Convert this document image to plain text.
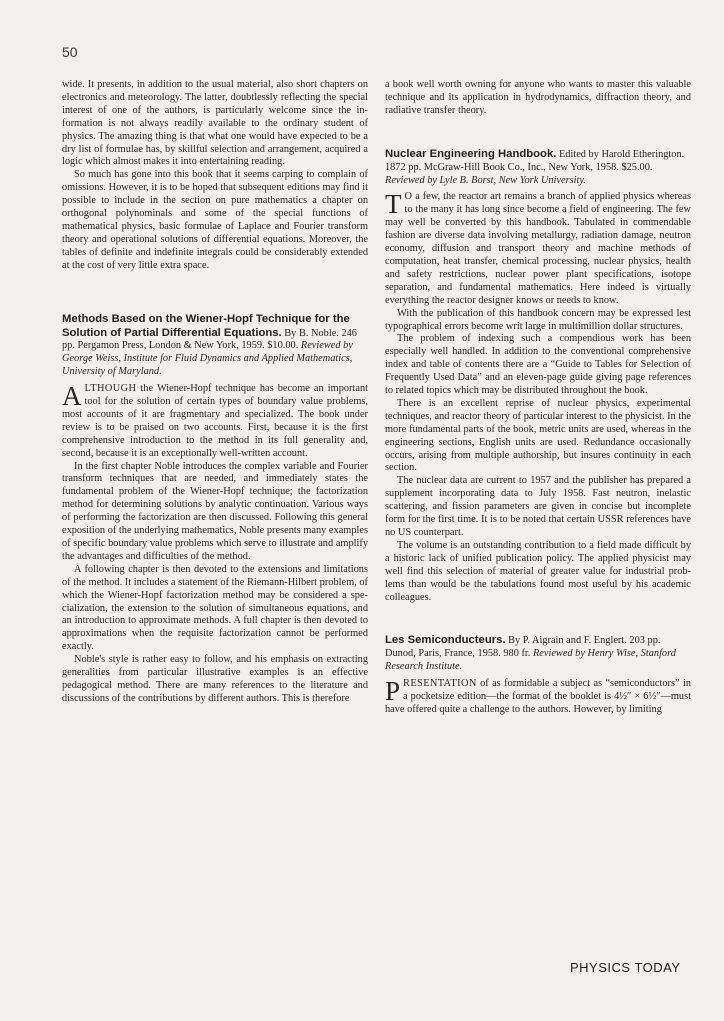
50

wide. It presents, in addition to the usual material, also short chapters on electronics and meteorology. The latter, doubtlessly reflecting the special interest of one of the authors, is particularly welcome since the information is not always readily available to the ordinary student of physics. The amazing thing is that what one would have expected to be a dry list of formulae has, by skillful selection and arrangement, acquired a logic which almost makes it into entertaining reading.

So much has gone into this book that it seems carping to complain of omissions. However, it is to be hoped that subsequent editions may find it possible to include in the section on pure mathematics a chapter on orthogonal polynominals and some of the special functions of mathematical physics, basic formulae of Laplace and Fourier transform theory and operational solutions of differential equations. Moreover, the tables of definite and indefinite integrals could be considerably extended at the cost of very little extra space.

Methods Based on the Wiener-Hopf Technique for the Solution of Partial Differential Equations. By B. Noble. 246 pp. Pergamon Press, London & New York, 1959. $10.00. Reviewed by George Weiss, Institute for Fluid Dynamics and Applied Mathematics, University of Maryland.

ALTHOUGH the Wiener-Hopf technique has become an important tool for the solution of certain types of boundary value problems, most accounts of it are fragmentary and specialized. The book under review is to be praised on two accounts. First, because it is the first comprehensive introduction to the method in its full generality and, second, because it is an exceptionally well-written account.

In the first chapter Noble introduces the complex variable and Fourier transform techniques that are needed, and immediately states the fundamental problem of the Wiener-Hopf technique; the factorization method for determining solutions by analytic continuation. Various ways of performing the factorization are then discussed. Following this general exposition of the underlying mathematics, Noble presents many examples of specific boundary value problems which serve to illustrate and amplify the advantages and difficulties of the method.

A following chapter is then devoted to the extensions and limitations of the method. It includes a statement of the Riemann-Hilbert problem, of which the Wiener-Hopf factorization method may be considered a specialization, the extension to the solution of simultaneous equations, and an introduction to approximate methods. A full chapter is then devoted to approximations when the requisite factorization cannot be performed exactly.

Noble's style is rather easy to follow, and his emphasis on extracting generalities from particular illustrative examples is an effective pedagogical method. There are many references to the literature and discussions of the contributions by different authors. This is therefore

a book well worth owning for anyone who wants to master this valuable technique and its application in hydrodynamics, diffraction theory, and radiative transfer theory.

Nuclear Engineering Handbook. Edited by Harold Etherington. 1872 pp. McGraw-Hill Book Co., Inc., New York, 1958. $25.00. Reviewed by Lyle B. Borst, New York University.

T O a few, the reactor art remains a branch of applied physics whereas to the many it has long since become a field of engineering. The few may well be converted by this handbook. Tabulated in commendable fashion are diverse data involving metallurgy, radiation damage, neutron economy, diffusion and transport theory and machine methods of computation, heat transfer, chemical processing, nuclear physics, health and safety restrictions, nuclear power plant specifications, isotope separation, and fundamental mathematics. Here indeed is virtually everything the reactor designer knows or needs to know.

With the publication of this handbook concern may be expressed lest typographical errors become writ large in multimillion dollar structures.

The problem of indexing such a compendious work has been especially well handled. In addition to the conventional comprehensive index and table of contents there are a “Guide to Tables for Selection of Frequently Used Data” and an eleven-page guide giving page references to related topics which may be distributed throughout the book.

There is an excellent reprise of nuclear physics, experimental techniques, and reactor theory of particular interest to the physicist. In the more fundamental parts of the book, metric units are used, whereas in the engineering sections, English units are used. Redundance occasionally occurs, arising from multiple authorship, but insures continuity in each section.

The nuclear data are current to 1957 and the publisher has prepared a supplement incorporating data to July 1958. Fast neutron, inelastic scattering, and fission parameters are given in concise but incomplete form for the first time. It is to be noted that certain USSR references have no US counterpart.

The volume is an outstanding contribution to a field made difficult by a historic lack of unified publication policy. The applied physicist may well find this selection of material of greater value for industrial problems than would be the tabulations found most useful by his academic colleagues.

Les Semiconducteurs. By P. Aigrain and F. Englert. 203 pp. Dunod, Paris, France, 1958. 980 fr. Reviewed by Henry Wise, Stanford Research Institute.

PRESENTATION of as formidable a subject as “semiconductors” in a pocketsize edition—the format of the booklet is 4½″ × 6½″—must have offered quite a challenge to the authors. However, by limiting

PHYSICS TODAY
